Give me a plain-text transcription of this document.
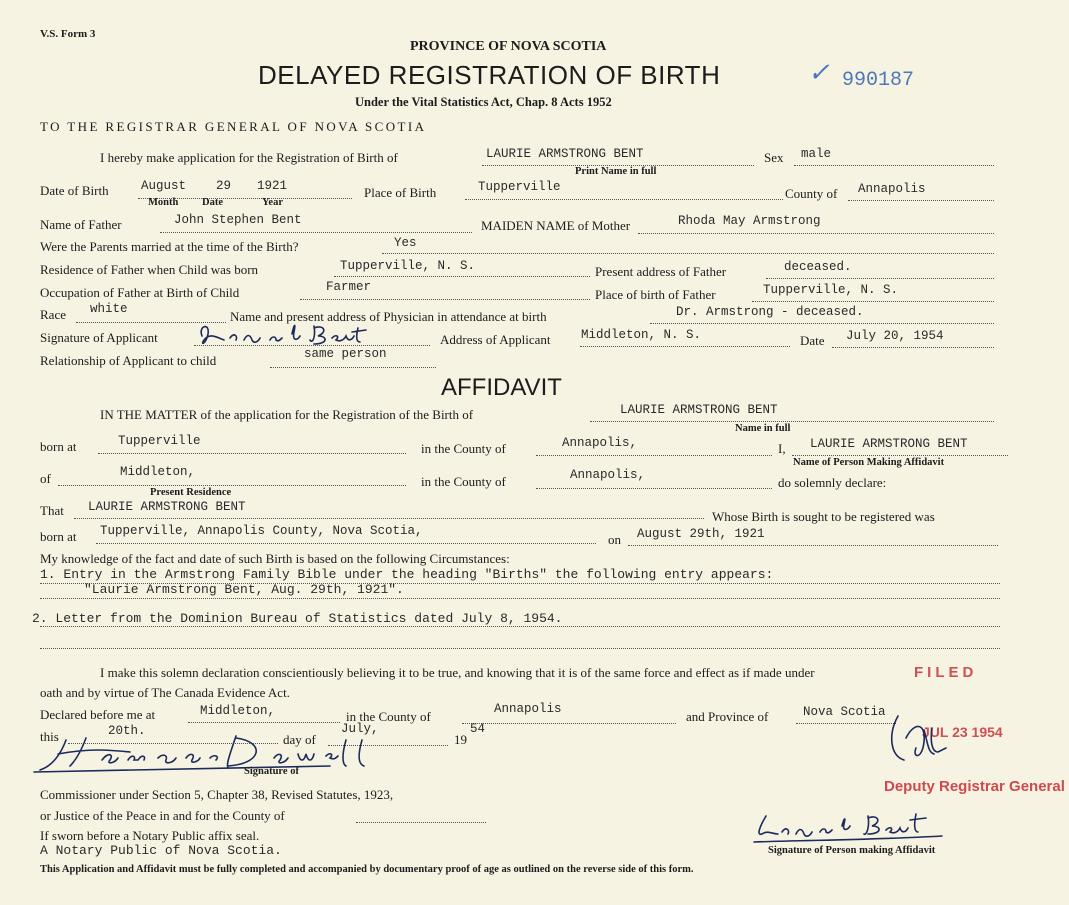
V.S. Form 3
PROVINCE OF NOVA SCOTIA
DELAYED REGISTRATION OF BIRTH	✓ 990187
Under the Vital Statistics Act, Chap. 8 Acts 1952
TO THE REGISTRAR GENERAL OF NOVA SCOTIA
I hereby make application for the Registration of Birth of	LAURIE ARMSTRONG BENT
Print Name in full
Sex male
Date of Birth	August 29 1921
Month Date	Year
Place of Birth	Tupperville	County of Annapolis
Name of Father	John Stephen Bent	MAIDEN NAME of Mother	Rhoda May Armstrong
Were the Parents married at the time of the Birth?	Yes
Residence of Father when Child was born	Tupperville, N. S.	Present address of Father	deceased.
Occupation of Father at Birth of Child	Farmer	Place of birth of Father	Tupperville, N. S.
Race white	Name and present address of Physician in attendance at birth	Dr. Armstrong - deceased.
Signature of Applicant	Address of Applicant Middleton, N. S.	Date July 20, 1954
Relationship of Applicant to child	same person
AFFIDAVIT
IN THE MATTER of the application for the Registration of the Birth of	LAURIE ARMSTRONG BENT
Name in full
born at	Tupperville	in the County of	Annapolis,	I, LAURIE ARMSTRONG BENT
Name of Person Making Affidavit
of	Middleton,
Present Residence
in the County of	Annapolis,	do solemnly declare:
That LAURIE ARMSTRONG BENT
Whose Birth is sought to be registered was
born at Tupperville, Annapolis County, Nova Scotia,
on August 29th, 1921
My knowledge of the fact and date of such Birth is based on the following Circumstances:
1. Entry in the Armstrong Family Bible under the heading "Births" the following entry appears:
"Laurie Armstrong Bent, Aug. 29th, 1921".
2. Letter from the Dominion Bureau of Statistics dated July 8, 1954.
I make this solemn declaration conscientiously believing it to be true, and knowing that it is of the same force and effect as if made under
oath and by virtue of The Canada Evidence Act.
Declared before me at	Middleton,	in the County of	Annapolis	and Province of	Nova Scotia
this	20th.
day of
July,
19
54
Signature of
Commissioner under Section 5, Chapter 38, Revised Statutes, 1923,
or Justice of the Peace in and for the County of
If sworn before a Notary Public affix seal.
A Notary Public of Nova Scotia.	Signature of Person making Affidavit
This Application and Affidavit must be fully completed and accompanied by documentary proof of age as outlined on the reverse side of this form.
FILED
JUL 23 1954
Deputy Registrar General
